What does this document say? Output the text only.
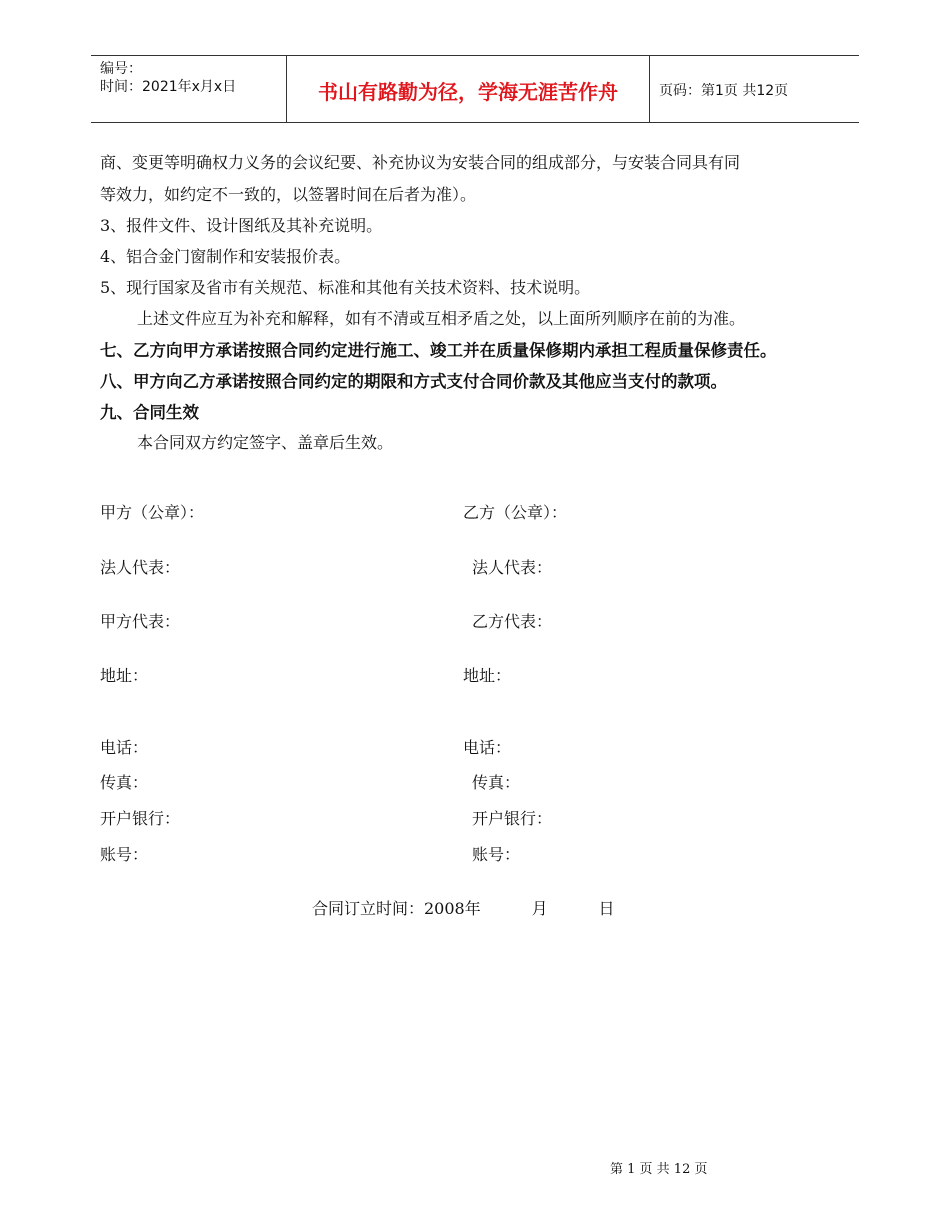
编号：
时间：2021年x月x日	书山有路勤为径，学海无涯苦作舟	页码：第1页 共12页
商、变更等明确权力义务的会议纪要、补充协议为安装合同的组成部分，与安装合同具有同
等效力，如约定不一致的，以签署时间在后者为准）。
3、报件文件、设计图纸及其补充说明。
4、铝合金门窗制作和安装报价表。
5、现行国家及省市有关规范、标准和其他有关技术资料、技术说明。
上述文件应互为补充和解释，如有不清或互相矛盾之处，以上面所列顺序在前的为准。
七、乙方向甲方承诺按照合同约定进行施工、竣工并在质量保修期内承担工程质量保修责任。
八、甲方向乙方承诺按照合同约定的期限和方式支付合同价款及其他应当支付的款项。
九、合同生效
本合同双方约定签字、盖章后生效。
甲方（公章）：
法人代表：
甲方代表：
地址：
电话：
传真：
开户银行：
账号：
乙方（公章）：
法人代表：
乙方代表：
地址：
电话：
传真：
开户银行：
账号：
合同订立时间：2008年          月          日
第 1 页 共 12 页
